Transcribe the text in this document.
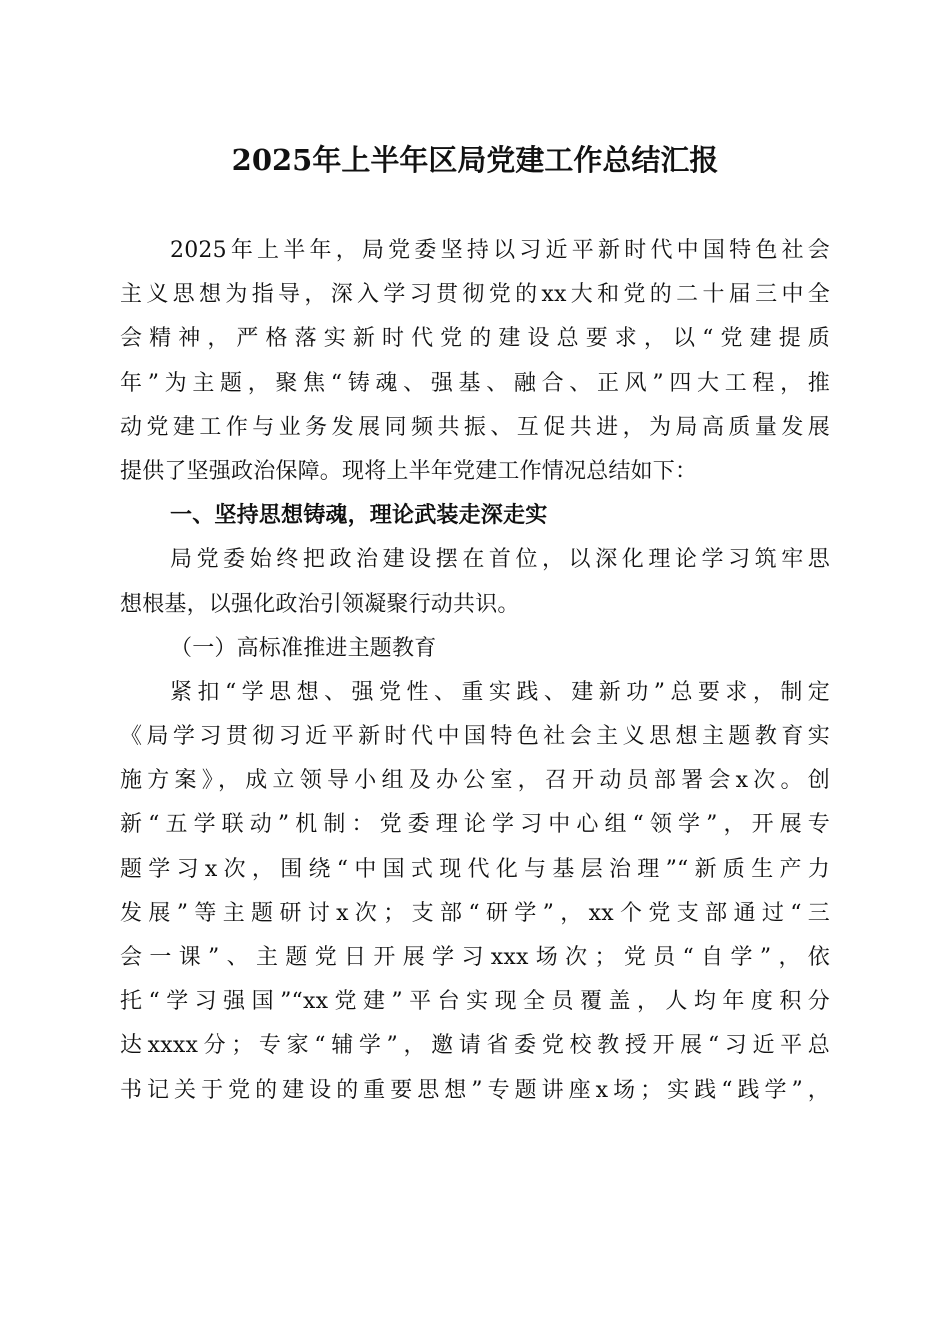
2025年上半年区局党建工作总结汇报
2025年上半年，局党委坚持以习近平新时代中国特色社会
主义思想为指导，深入学习贯彻党的xx大和党的二十届三中全
会精神，严格落实新时代党的建设总要求，以“党建提质
年”为主题，聚焦“铸魂、强基、融合、正风”四大工程，推
动党建工作与业务发展同频共振、互促共进，为局高质量发展
提供了坚强政治保障。现将上半年党建工作情况总结如下：
一、坚持思想铸魂，理论武装走深走实
局党委始终把政治建设摆在首位，以深化理论学习筑牢思
想根基，以强化政治引领凝聚行动共识。
（一）高标准推进主题教育
紧扣“学思想、强党性、重实践、建新功”总要求，制定
《局学习贯彻习近平新时代中国特色社会主义思想主题教育实
施方案》，成立领导小组及办公室，召开动员部署会x次。创
新“五学联动”机制：党委理论学习中心组“领学”，开展专
题学习x次，围绕“中国式现代化与基层治理”“新质生产力
发展”等主题研讨x次；支部“研学”，xx个党支部通过“三
会一课”、主题党日开展学习xxx场次；党员“自学”，依
托“学习强国”“xx党建”平台实现全员覆盖，人均年度积分
达xxxx分；专家“辅学”，邀请省委党校教授开展“习近平总
书记关于党的建设的重要思想”专题讲座x场；实践“践学”，
